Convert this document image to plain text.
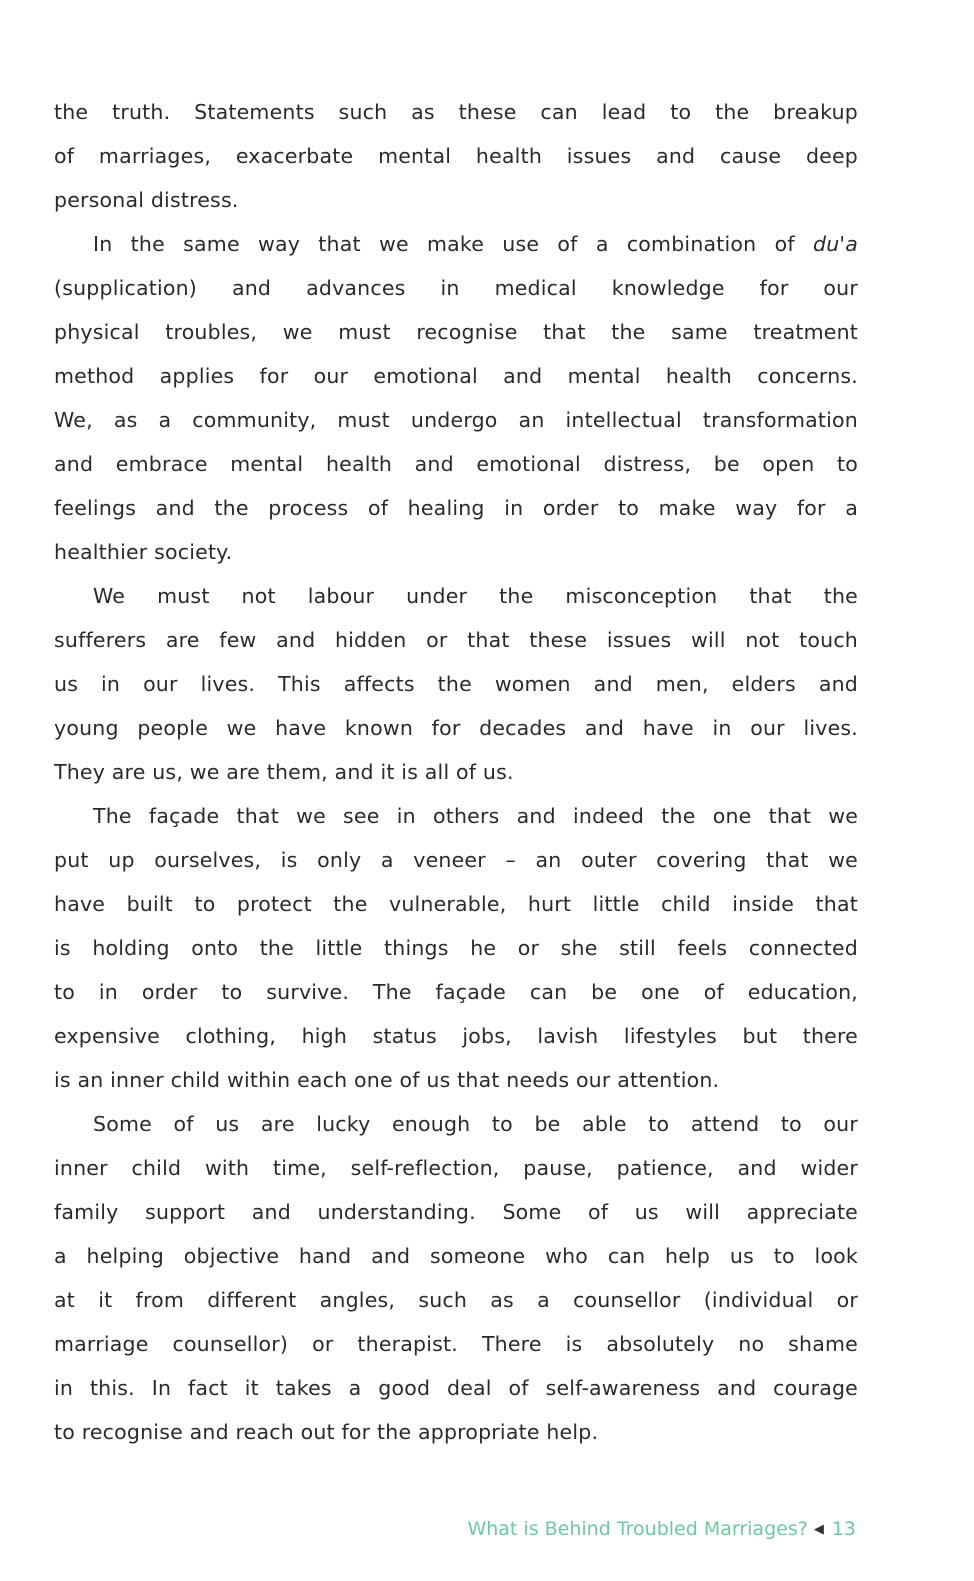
the truth. Statements such as these can lead to the breakup
of marriages, exacerbate mental health issues and cause deep
personal distress.
In the same way that we make use of a combination of du'a
(supplication) and advances in medical knowledge for our
physical troubles, we must recognise that the same treatment
method applies for our emotional and mental health concerns.
We, as a community, must undergo an intellectual transformation
and embrace mental health and emotional distress, be open to
feelings and the process of healing in order to make way for a
healthier society.
We must not labour under the misconception that the
sufferers are few and hidden or that these issues will not touch
us in our lives. This affects the women and men, elders and
young people we have known for decades and have in our lives.
They are us, we are them, and it is all of us.
The façade that we see in others and indeed the one that we
put up ourselves, is only a veneer – an outer covering that we
have built to protect the vulnerable, hurt little child inside that
is holding onto the little things he or she still feels connected
to in order to survive. The façade can be one of education,
expensive clothing, high status jobs, lavish lifestyles but there
is an inner child within each one of us that needs our attention.
Some of us are lucky enough to be able to attend to our
inner child with time, self-reflection, pause, patience, and wider
family support and understanding. Some of us will appreciate
a helping objective hand and someone who can help us to look
at it from different angles, such as a counsellor (individual or
marriage counsellor) or therapist. There is absolutely no shame
in this. In fact it takes a good deal of self-awareness and courage
to recognise and reach out for the appropriate help.
What is Behind Troubled Marriages? ◀ 13
